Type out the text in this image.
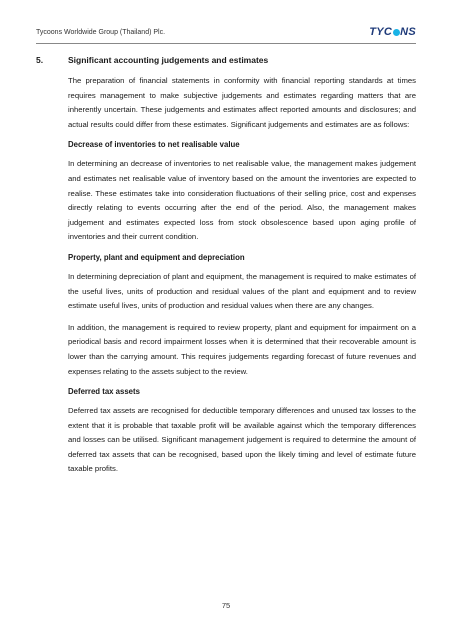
Tycoons Worldwide Group (Thailand) Plc.	TYC NS
5.	Significant accounting judgements and estimates

The preparation of financial statements in conformity with financial reporting standards at times requires management to make subjective judgements and estimates regarding matters that are inherently uncertain. These judgements and estimates affect reported amounts and disclosures; and actual results could differ from these estimates. Significant judgements and estimates are as follows:

Decrease of inventories to net realisable value

In determining an decrease of inventories to net realisable value, the management makes judgement and estimates net realisable value of inventory based on the amount the inventories are expected to realise. These estimates take into consideration fluctuations of their selling price, cost and expenses directly relating to events occurring after the end of the period. Also, the management makes judgement and estimates expected loss from stock obsolescence based upon aging profile of inventories and their current condition.

Property, plant and equipment and depreciation

In determining depreciation of plant and equipment, the management is required to make estimates of the useful lives, units of production and residual values of the plant and equipment and to review estimate useful lives, units of production and residual values when there are any changes.

In addition, the management is required to review property, plant and equipment for impairment on a periodical basis and record impairment losses when it is determined that their recoverable amount is lower than the carrying amount. This requires judgements regarding forecast of future revenues and expenses relating to the assets subject to the review.

Deferred tax assets

Deferred tax assets are recognised for deductible temporary differences and unused tax losses to the extent that it is probable that taxable profit will be available against which the temporary differences and losses can be utilised. Significant management judgement is required to determine the amount of deferred tax assets that can be recognised, based upon the likely timing and level of estimate future taxable profits.

75
